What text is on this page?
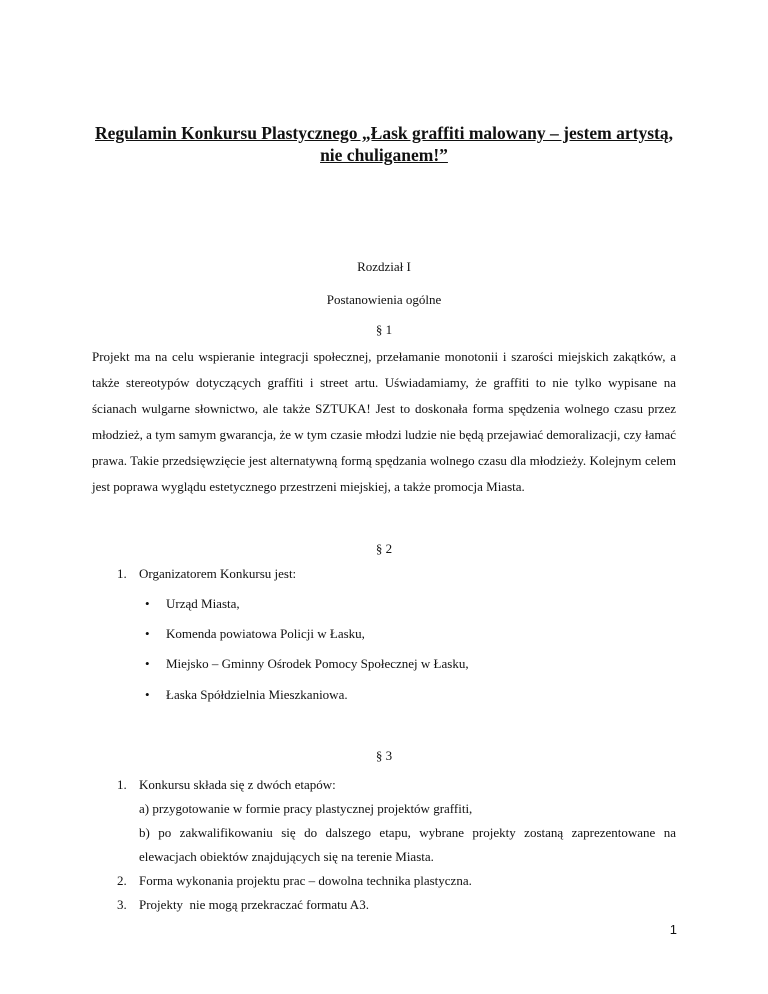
Regulamin Konkursu Plastycznego „Łask graffiti malowany – jestem artystą, nie chuliganem!”
Rozdział I
Postanowienia ogólne
§ 1
Projekt ma na celu wspieranie integracji społecznej, przełamanie monotonii i szarości miejskich zakątków, a także stereotypów dotyczących graffiti i street artu. Uświadamiamy, że graffiti to nie tylko wypisane na ścianach wulgarne słownictwo, ale także SZTUKA! Jest to doskonała forma spędzenia wolnego czasu przez młodzież, a tym samym gwarancja, że w tym czasie młodzi ludzie nie będą przejawiać demoralizacji, czy łamać prawa. Takie przedsięwzięcie jest alternatywną formą spędzania wolnego czasu dla młodzieży. Kolejnym celem jest poprawa wyglądu estetycznego przestrzeni miejskiej, a także promocja Miasta.
§ 2
1. Organizatorem Konkursu jest:
• Urząd Miasta,
• Komenda powiatowa Policji w Łasku,
• Miejsko – Gminny Ośrodek Pomocy Społecznej w Łasku,
• Łaska Spółdzielnia Mieszkaniowa.
§ 3
1. Konkursu składa się z dwóch etapów:
a) przygotowanie w formie pracy plastycznej projektów graffiti,
b) po zakwalifikowaniu się do dalszego etapu, wybrane projekty zostaną zaprezentowane na
elewacjach obiektów znajdujących się na terenie Miasta.
2. Forma wykonania projektu prac – dowolna technika plastyczna.
3. Projekty  nie mogą przekraczać formatu A3.
1
